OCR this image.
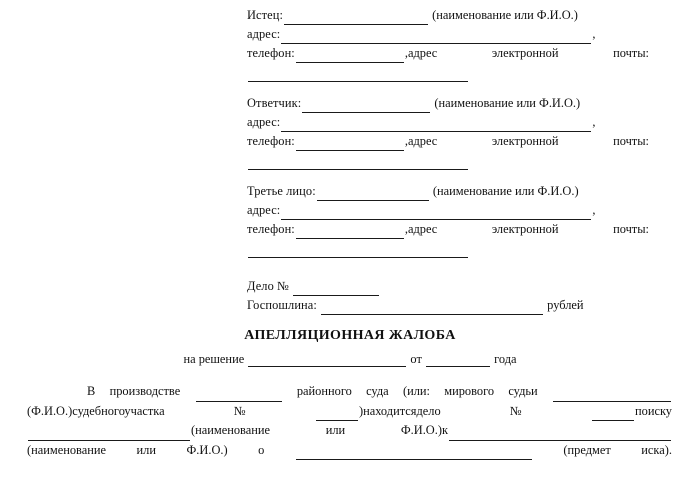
Истец:	(наименование или Ф.И.О.)
адрес:	,
телефон:	,адрес электронной почты:
Ответчик:	(наименование или Ф.И.О.)
адрес:	,
телефон:	,адрес электронной почты:
Третье лицо:	(наименование или Ф.И.О.)
адрес:	,
телефон:	,адрес электронной почты:
Дело №
Госпошлина:	рублей
АПЕЛЛЯЦИОННАЯ ЖАЛОБА
на решение	от	года
В производстве	районного суда (или: мирового судьи
(Ф.И.О.)судебногоучастка№	)находитсядело№	поиску
(наименование или Ф.И.О.)к
(наименование или Ф.И.О.) о	(предмет иска).
